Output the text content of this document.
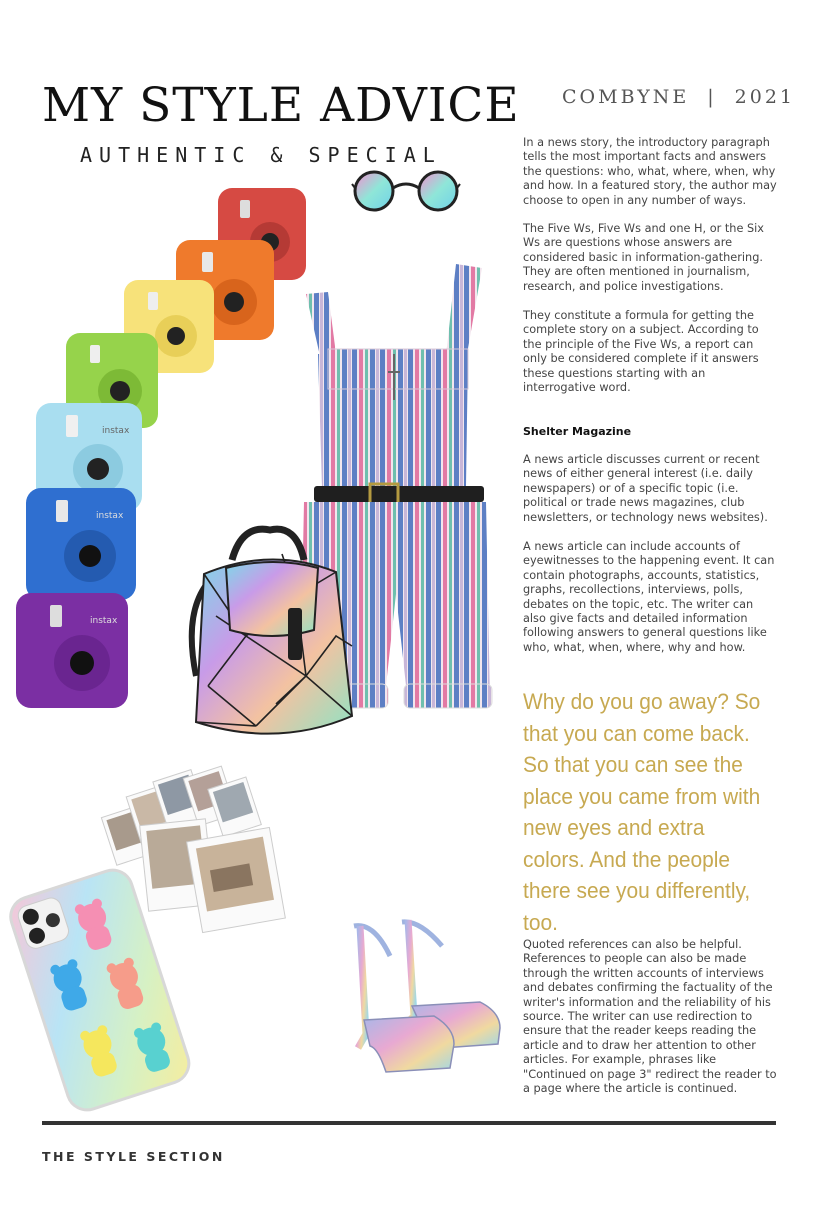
MY STYLE ADVICE
AUTHENTIC & SPECIAL
COMBYNE | 2021

In a news story, the introductory paragraph tells the most important facts and answers the questions: who, what, where, when, why and how. In a featured story, the author may choose to open in any number of ways.

The Five Ws, Five Ws and one H, or the Six Ws are questions whose answers are considered basic in information-gathering. They are often mentioned in journalism, research, and police investigations.

They constitute a formula for getting the complete story on a subject. According to the principle of the Five Ws, a report can only be considered complete if it answers these questions starting with an interrogative word.

Shelter Magazine

A news article discusses current or recent news of either general interest (i.e. daily newspapers) or of a specific topic (i.e. political or trade news magazines, club newsletters, or technology news websites).

A news article can include accounts of eyewitnesses to the happening event. It can contain photographs, accounts, statistics, graphs, recollections, interviews, polls, debates on the topic, etc. The writer can also give facts and detailed information following answers to general questions like who, what, when, where, why and how.

Why do you go away? So that you can come back. So that you can see the place you came from with new eyes and extra colors. And the people there see you differently, too.

Quoted references can also be helpful. References to people can also be made through the written accounts of interviews and debates confirming the factuality of the writer's information and the reliability of his source. The writer can use redirection to ensure that the reader keeps reading the article and to draw her attention to other articles. For example, phrases like "Continued on page 3" redirect the reader to a page where the article is continued.

THE STYLE SECTION
instax
instax
instax
